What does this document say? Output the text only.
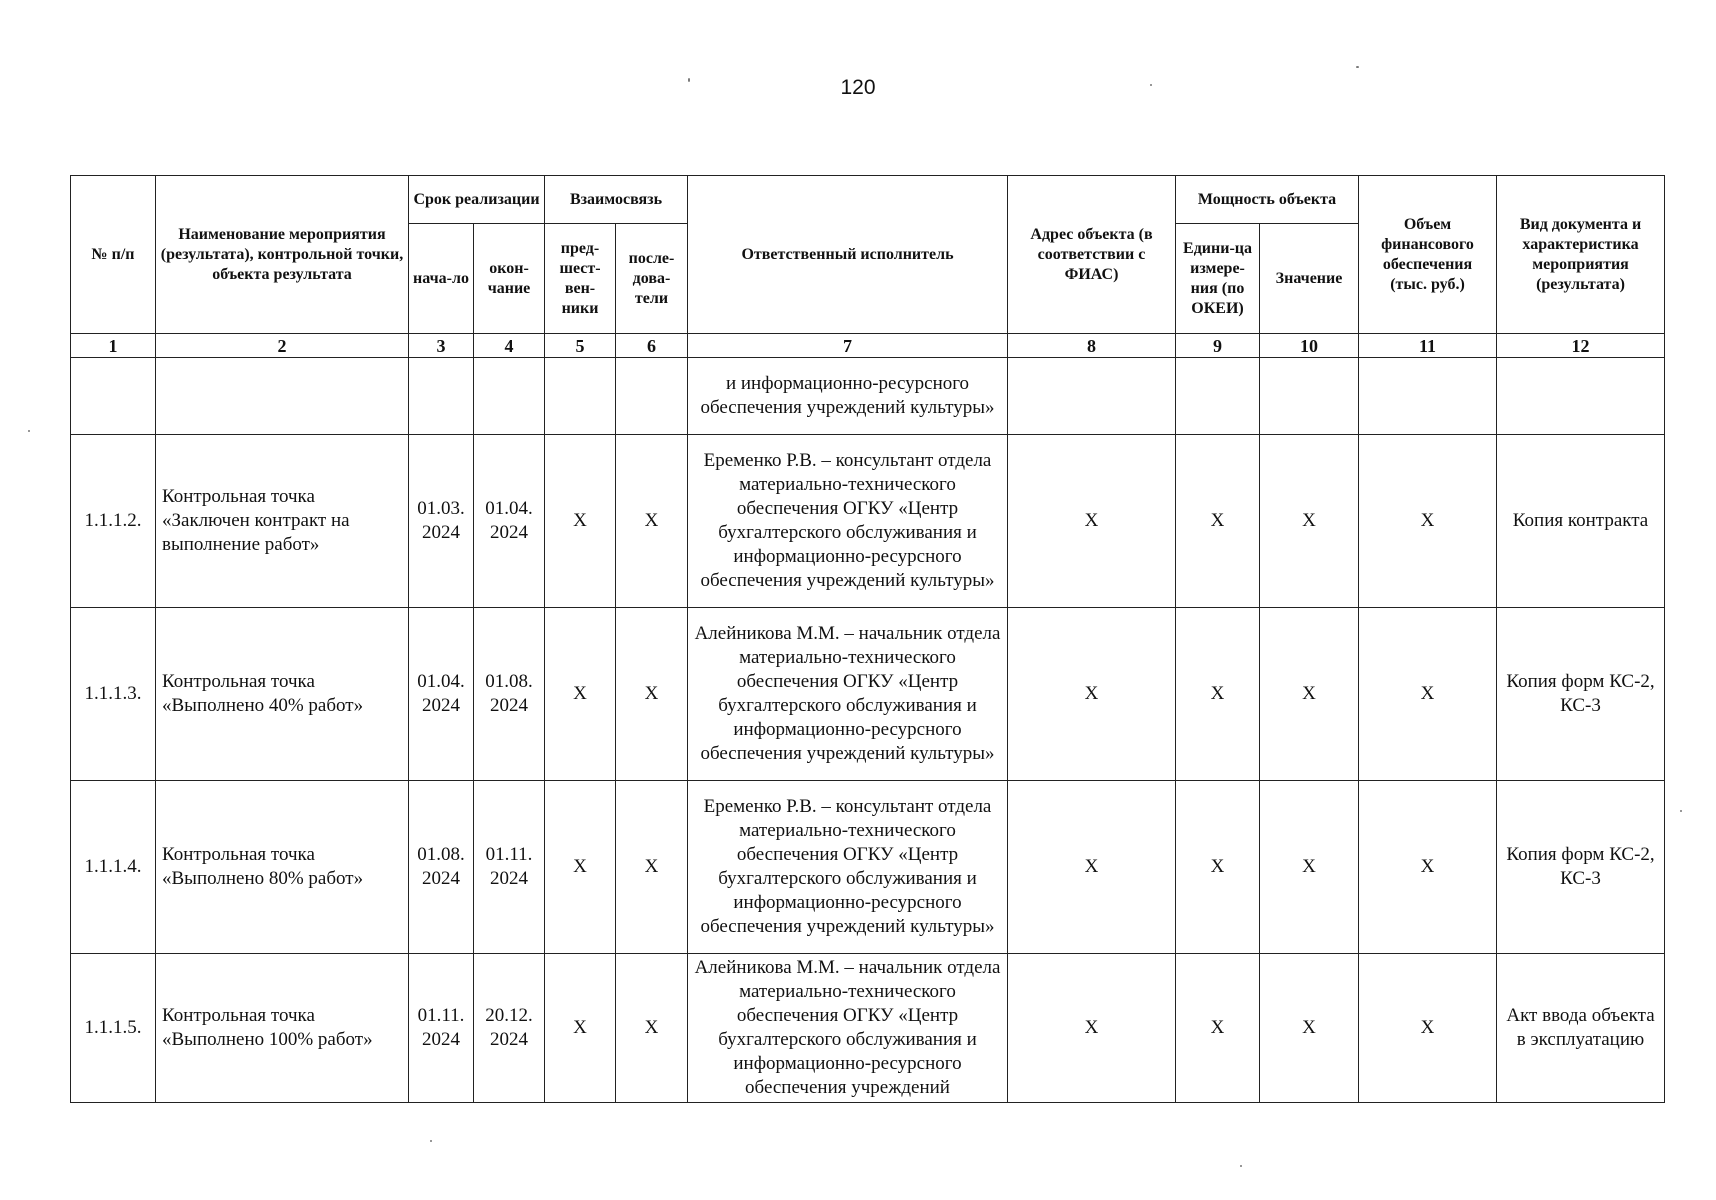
120
№ п/п	Наименование мероприятия (результата), контрольной точки, объекта результата	Срок реализации		Взаимосвязь		Ответственный исполнитель	Адрес объекта (в соответствии с ФИАС)	Мощность объекта		Объем финансового обеспечения (тыс. руб.)	Вид документа и характеристика мероприятия (результата)
		нача-ло	окон-чание	пред-шест-вен-ники	после-дова-тели			Едини-ца измере-ния (по ОКЕИ)	Значение		
1	2	3	4	5	6	7	8	9	10	11	12
						и информационно-ресурсного обеспечения учреждений культуры»					
1.1.1.2.	Контрольная точка «Заключен контракт на выполнение работ»	01.03. 2024	01.04. 2024	X	X	Еременко Р.В. – консультант отдела материально-технического обеспечения ОГКУ «Центр бухгалтерского обслуживания и информационно-ресурсного обеспечения учреждений культуры»	X	X	X	X	Копия контракта
1.1.1.3.	Контрольная точка «Выполнено 40% работ»	01.04. 2024	01.08. 2024	X	X	Алейникова М.М. – начальник отдела материально-технического обеспечения ОГКУ «Центр бухгалтерского обслуживания и информационно-ресурсного обеспечения учреждений культуры»	X	X	X	X	Копия форм КС-2, КС-3
1.1.1.4.	Контрольная точка «Выполнено 80% работ»	01.08. 2024	01.11. 2024	X	X	Еременко Р.В. – консультант отдела материально-технического обеспечения ОГКУ «Центр бухгалтерского обслуживания и информационно-ресурсного обеспечения учреждений культуры»	X	X	X	X	Копия форм КС-2, КС-3
1.1.1.5.	Контрольная точка «Выполнено 100% работ»	01.11. 2024	20.12. 2024	X	X	Алейникова М.М. – начальник отдела материально-технического обеспечения ОГКУ «Центр бухгалтерского обслуживания и информационно-ресурсного обеспечения учреждений	X	X	X	X	Акт ввода объекта в эксплуатацию
